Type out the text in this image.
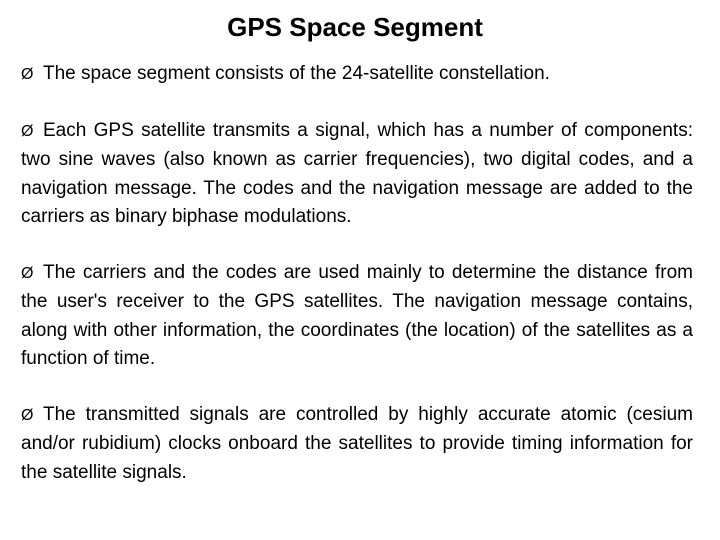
GPS Space Segment

Ø The space segment consists of the 24-satellite constellation.

Ø Each GPS satellite transmits a signal, which has a number of components: two sine waves (also known as carrier frequencies), two digital codes, and a navigation message. The codes and the navigation message are added to the carriers as binary biphase modulations.

Ø The carriers and the codes are used mainly to determine the distance from the user's receiver to the GPS satellites. The navigation message contains, along with other information, the coordinates (the location) of the satellites as a function of time.

Ø The transmitted signals are controlled by highly accurate atomic (cesium and/or rubidium) clocks onboard the satellites to provide timing information for the satellite signals.
